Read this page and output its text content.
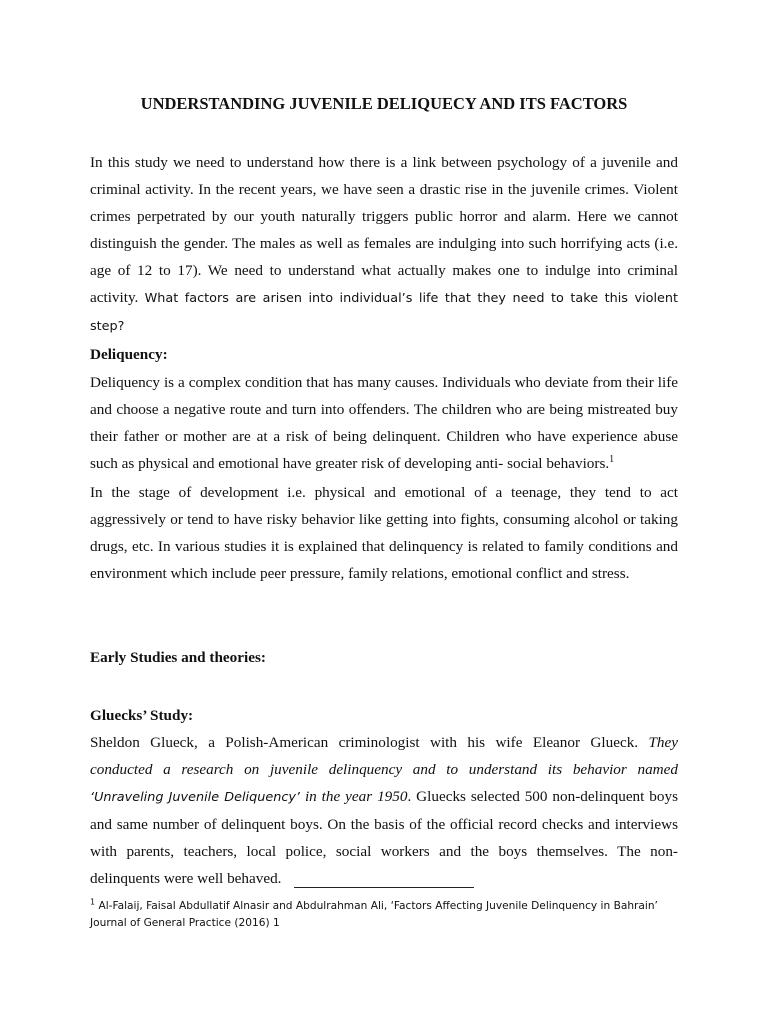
UNDERSTANDING JUVENILE DELIQUECY AND ITS FACTORS

In this study we need to understand how there is a link between psychology of a juvenile and criminal activity. In the recent years, we have seen a drastic rise in the juvenile crimes. Violent crimes perpetrated by our youth naturally triggers public horror and alarm. Here we cannot distinguish the gender. The males as well as females are indulging into such horrifying acts (i.e. age of 12 to 17). We need to understand what actually makes one to indulge into criminal activity. What factors are arisen into individual’s life that they need to take this violent step?

Deliquency:

Deliquency is a complex condition that has many causes. Individuals who deviate from their life and choose a negative route and turn into offenders. The children who are being mistreated buy their father or mother are at a risk of being delinquent. Children who have experience abuse such as physical and emotional have greater risk of developing anti- social behaviors.$^1$

In the stage of development i.e. physical and emotional of a teenage, they tend to act aggressively or tend to have risky behavior like getting into fights, consuming alcohol or taking drugs, etc. In various studies it is explained that delinquency is related to family conditions and environment which include peer pressure, family relations, emotional conflict and stress.

Early Studies and theories:
Gluecks’ Study:

Sheldon Glueck, a Polish-American criminologist with his wife Eleanor Glueck. They conducted a research on juvenile delinquency and to understand its behavior named ‘Unraveling Juvenile Deliquency’ in the year 1950. Gluecks selected 500 non-delinquent boys and same number of delinquent boys. On the basis of the official record checks and interviews with parents, teachers, local police, social workers and the boys themselves. The non-delinquents were well behaved.

$^1$ Al-Falaij, Faisal Abdullatif Alnasir and Abdulrahman Ali, ‘Factors Affecting Juvenile Delinquency in Bahrain’ Journal of General Practice (2016) 1
